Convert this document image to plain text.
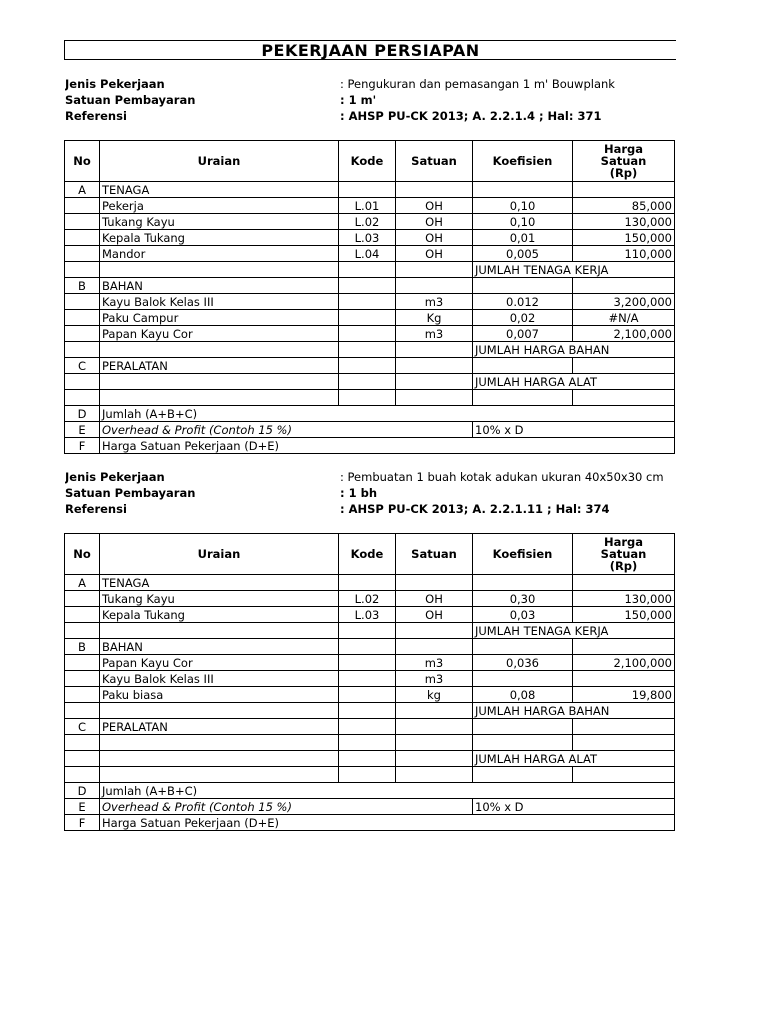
PEKERJAAN PERSIAPAN
Jenis Pekerjaan	: Pengukuran dan pemasangan 1 m' Bouwplank
Satuan Pembayaran	: 1 m'
Referensi	: AHSP PU-CK 2013; A. 2.2.1.4 ; Hal: 371
No	Uraian	Kode	Satuan	Koefisien	Harga
Satuan
(Rp)
A	TENAGA				
	Pekerja	L.01	OH	0,10	85,000
	Tukang Kayu	L.02	OH	0,10	130,000
	Kepala Tukang	L.03	OH	0,01	150,000
	Mandor	L.04	OH	0,005	110,000
				JUMLAH TENAGA KERJA	
B	BAHAN				
	Kayu Balok Kelas III		m3	0.012	3,200,000
	Paku Campur		Kg	0,02	#N/A
	Papan Kayu Cor		m3	0,007	2,100,000
				JUMLAH HARGA BAHAN	
C	PERALATAN				
				JUMLAH HARGA ALAT	

D	Jumlah (A+B+C)				
E	Overhead & Profit (Contoh 15 %)			10% x D	
F	Harga Satuan Pekerjaan (D+E)				
Jenis Pekerjaan	: Pembuatan 1 buah kotak adukan ukuran 40x50x30 cm
Satuan Pembayaran	: 1 bh
Referensi	: AHSP PU-CK 2013; A. 2.2.1.11 ; Hal: 374
No	Uraian	Kode	Satuan	Koefisien	Harga
Satuan
(Rp)
A	TENAGA				
	Tukang Kayu	L.02	OH	0,30	130,000
	Kepala Tukang	L.03	OH	0,03	150,000
				JUMLAH TENAGA KERJA	
B	BAHAN				
	Papan Kayu Cor		m3	0,036	2,100,000
	Kayu Balok Kelas III		m3		
	Paku biasa		kg	0,08	19,800
				JUMLAH HARGA BAHAN	
C	PERALATAN				

				JUMLAH HARGA ALAT	

D	Jumlah (A+B+C)				
E	Overhead & Profit (Contoh 15 %)			10% x D	
F	Harga Satuan Pekerjaan (D+E)				
